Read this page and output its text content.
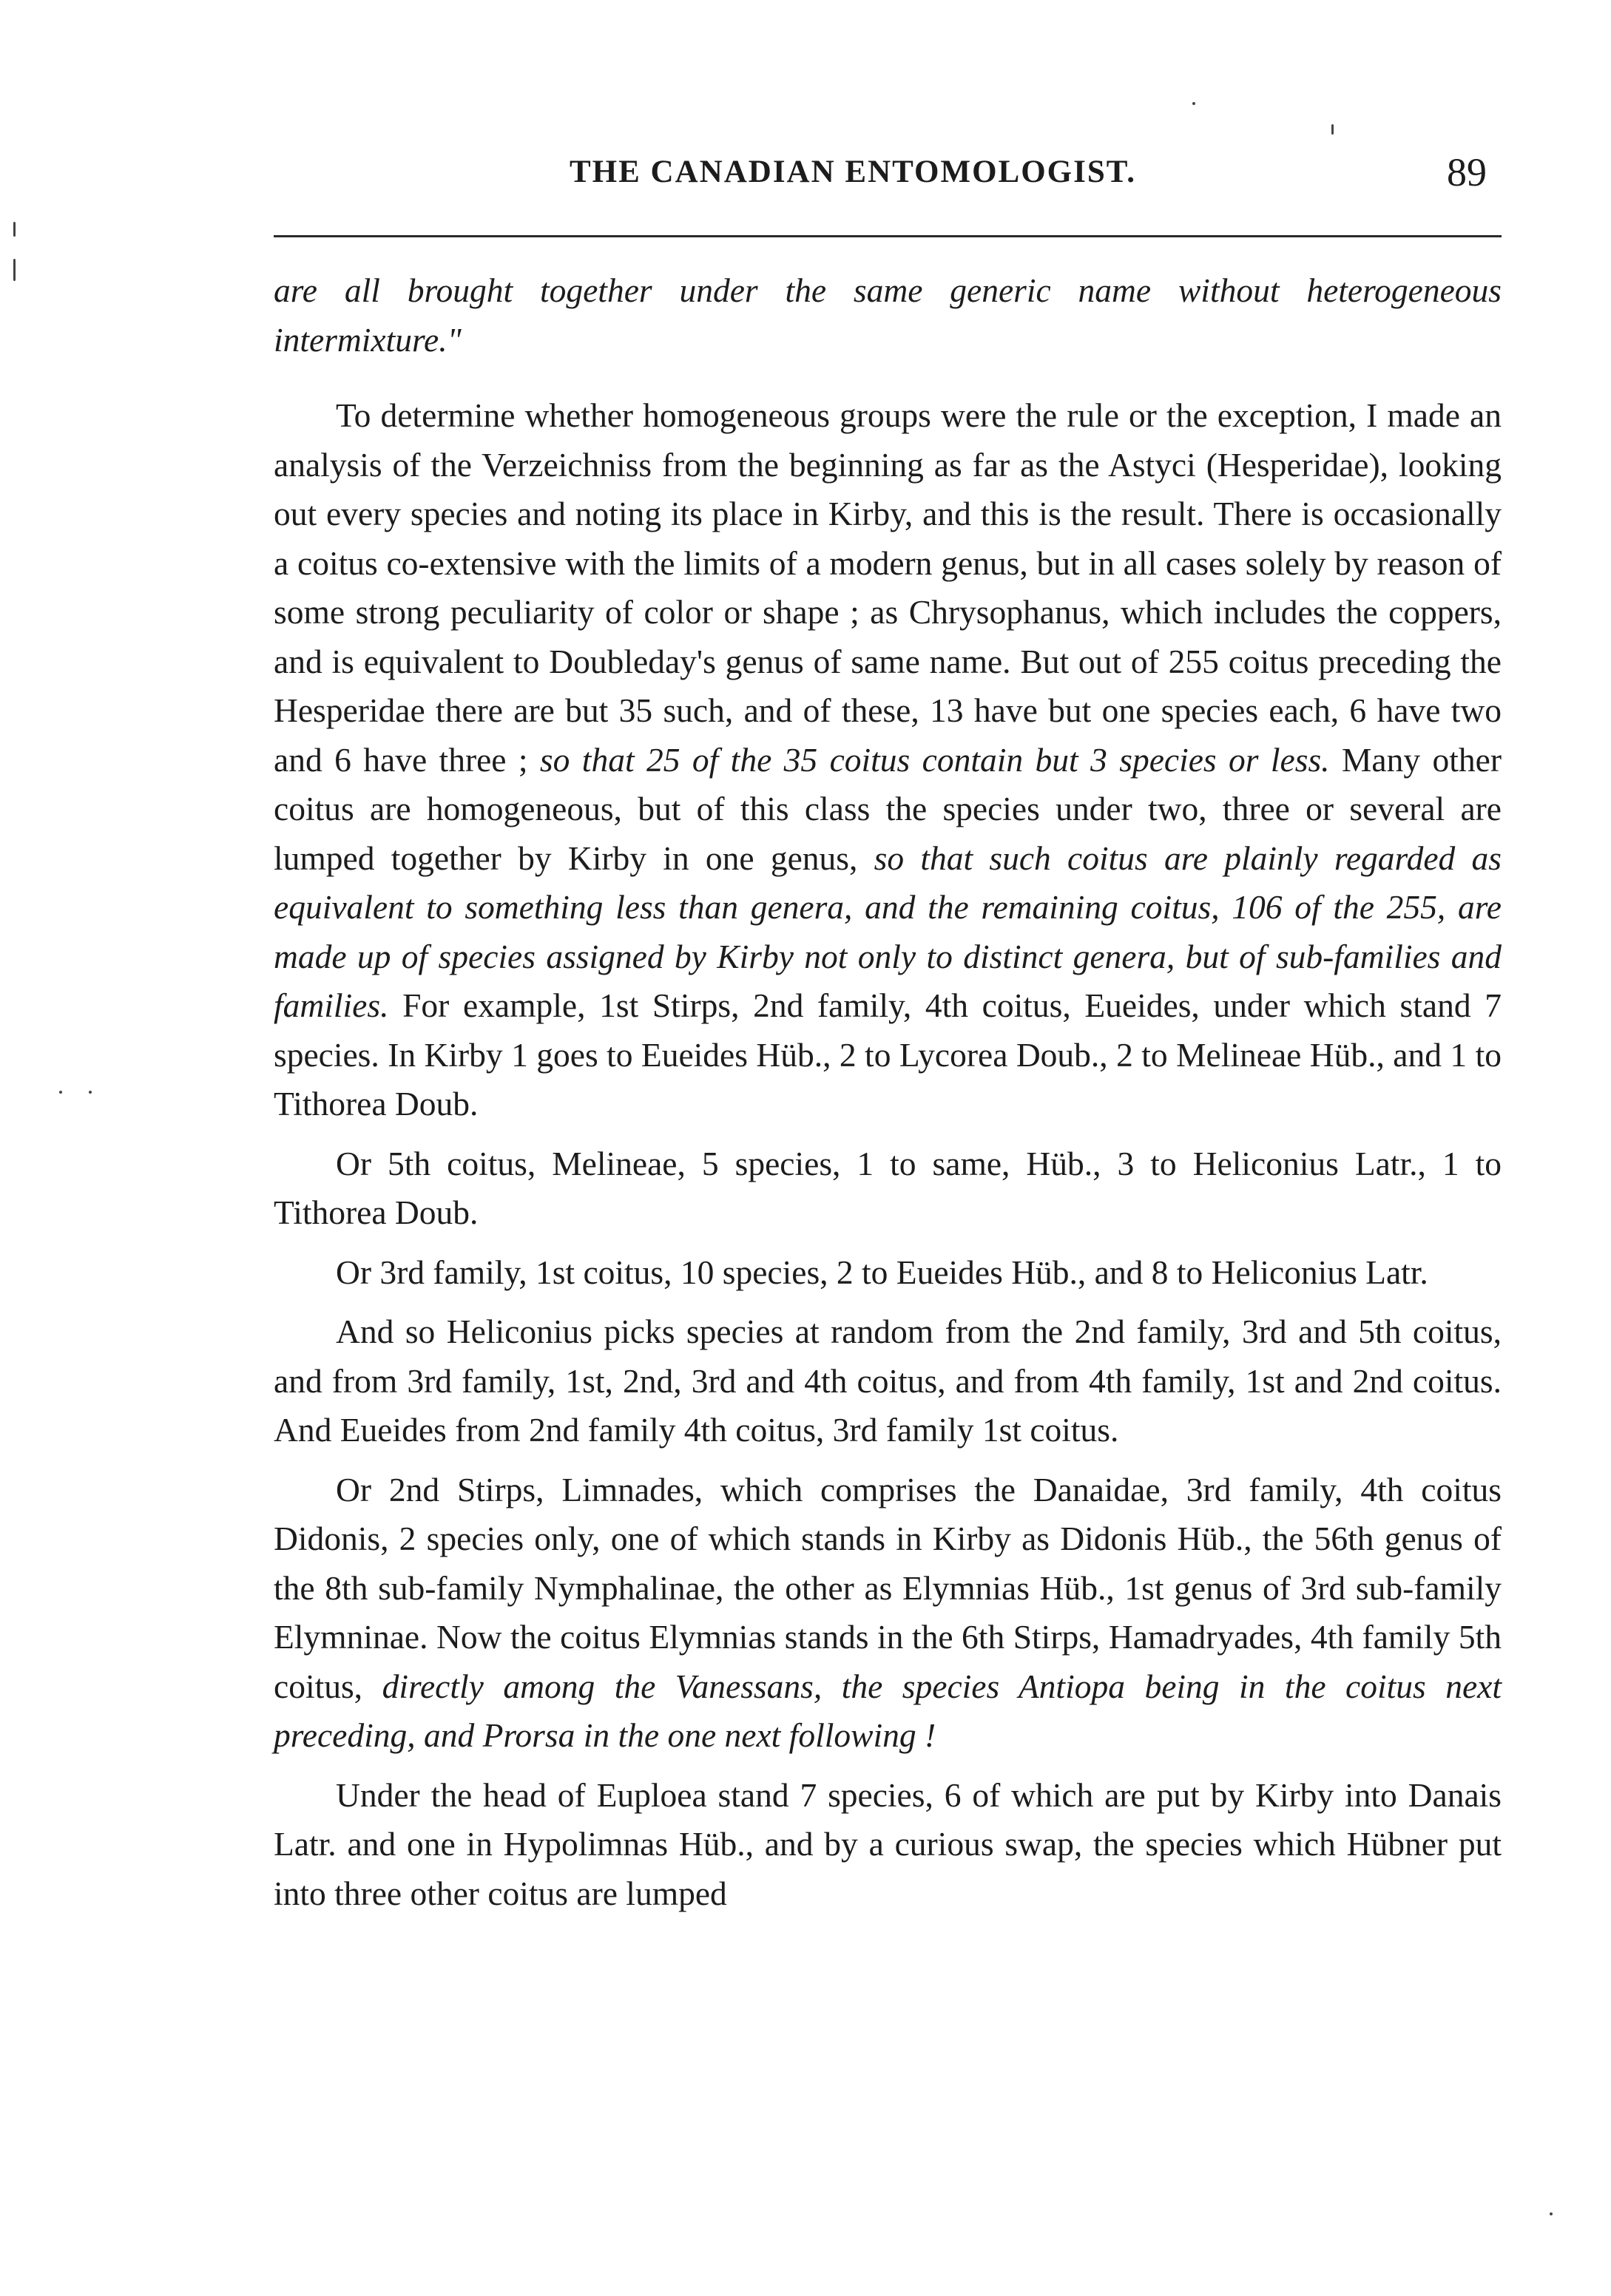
THE CANADIAN ENTOMOLOGIST.	89

are all brought together under the same generic name without heterogeneous intermixture."

To determine whether homogeneous groups were the rule or the exception, I made an analysis of the Verzeichniss from the beginning as far as the Astyci (Hesperidae), looking out every species and noting its place in Kirby, and this is the result. There is occasionally a coitus co-extensive with the limits of a modern genus, but in all cases solely by reason of some strong peculiarity of color or shape ; as Chrysophanus, which includes the coppers, and is equivalent to Doubleday's genus of same name. But out of 255 coitus preceding the Hesperidae there are but 35 such, and of these, 13 have but one species each, 6 have two and 6 have three ; so that 25 of the 35 coitus contain but 3 species or less. Many other coitus are homogeneous, but of this class the species under two, three or several are lumped together by Kirby in one genus, so that such coitus are plainly regarded as equivalent to something less than genera, and the remaining coitus, 106 of the 255, are made up of species assigned by Kirby not only to distinct genera, but of sub-families and families. For example, 1st Stirps, 2nd family, 4th coitus, Eueides, under which stand 7 species. In Kirby 1 goes to Eueides Hüb., 2 to Lycorea Doub., 2 to Melineae Hüb., and 1 to Tithorea Doub.

Or 5th coitus, Melineae, 5 species, 1 to same, Hüb., 3 to Heliconius Latr., 1 to Tithorea Doub.

Or 3rd family, 1st coitus, 10 species, 2 to Eueides Hüb., and 8 to Heliconius Latr.

And so Heliconius picks species at random from the 2nd family, 3rd and 5th coitus, and from 3rd family, 1st, 2nd, 3rd and 4th coitus, and from 4th family, 1st and 2nd coitus. And Eueides from 2nd family 4th coitus, 3rd family 1st coitus.

Or 2nd Stirps, Limnades, which comprises the Danaidae, 3rd family, 4th coitus Didonis, 2 species only, one of which stands in Kirby as Didonis Hüb., the 56th genus of the 8th sub-family Nymphalinae, the other as Elymnias Hüb., 1st genus of 3rd sub-family Elymninae. Now the coitus Elymnias stands in the 6th Stirps, Hamadryades, 4th family 5th coitus, directly among the Vanessans, the species Antiopa being in the coitus next preceding, and Prorsa in the one next following !

Under the head of Euploea stand 7 species, 6 of which are put by Kirby into Danais Latr. and one in Hypolimnas Hüb., and by a curious swap, the species which Hübner put into three other coitus are lumped
